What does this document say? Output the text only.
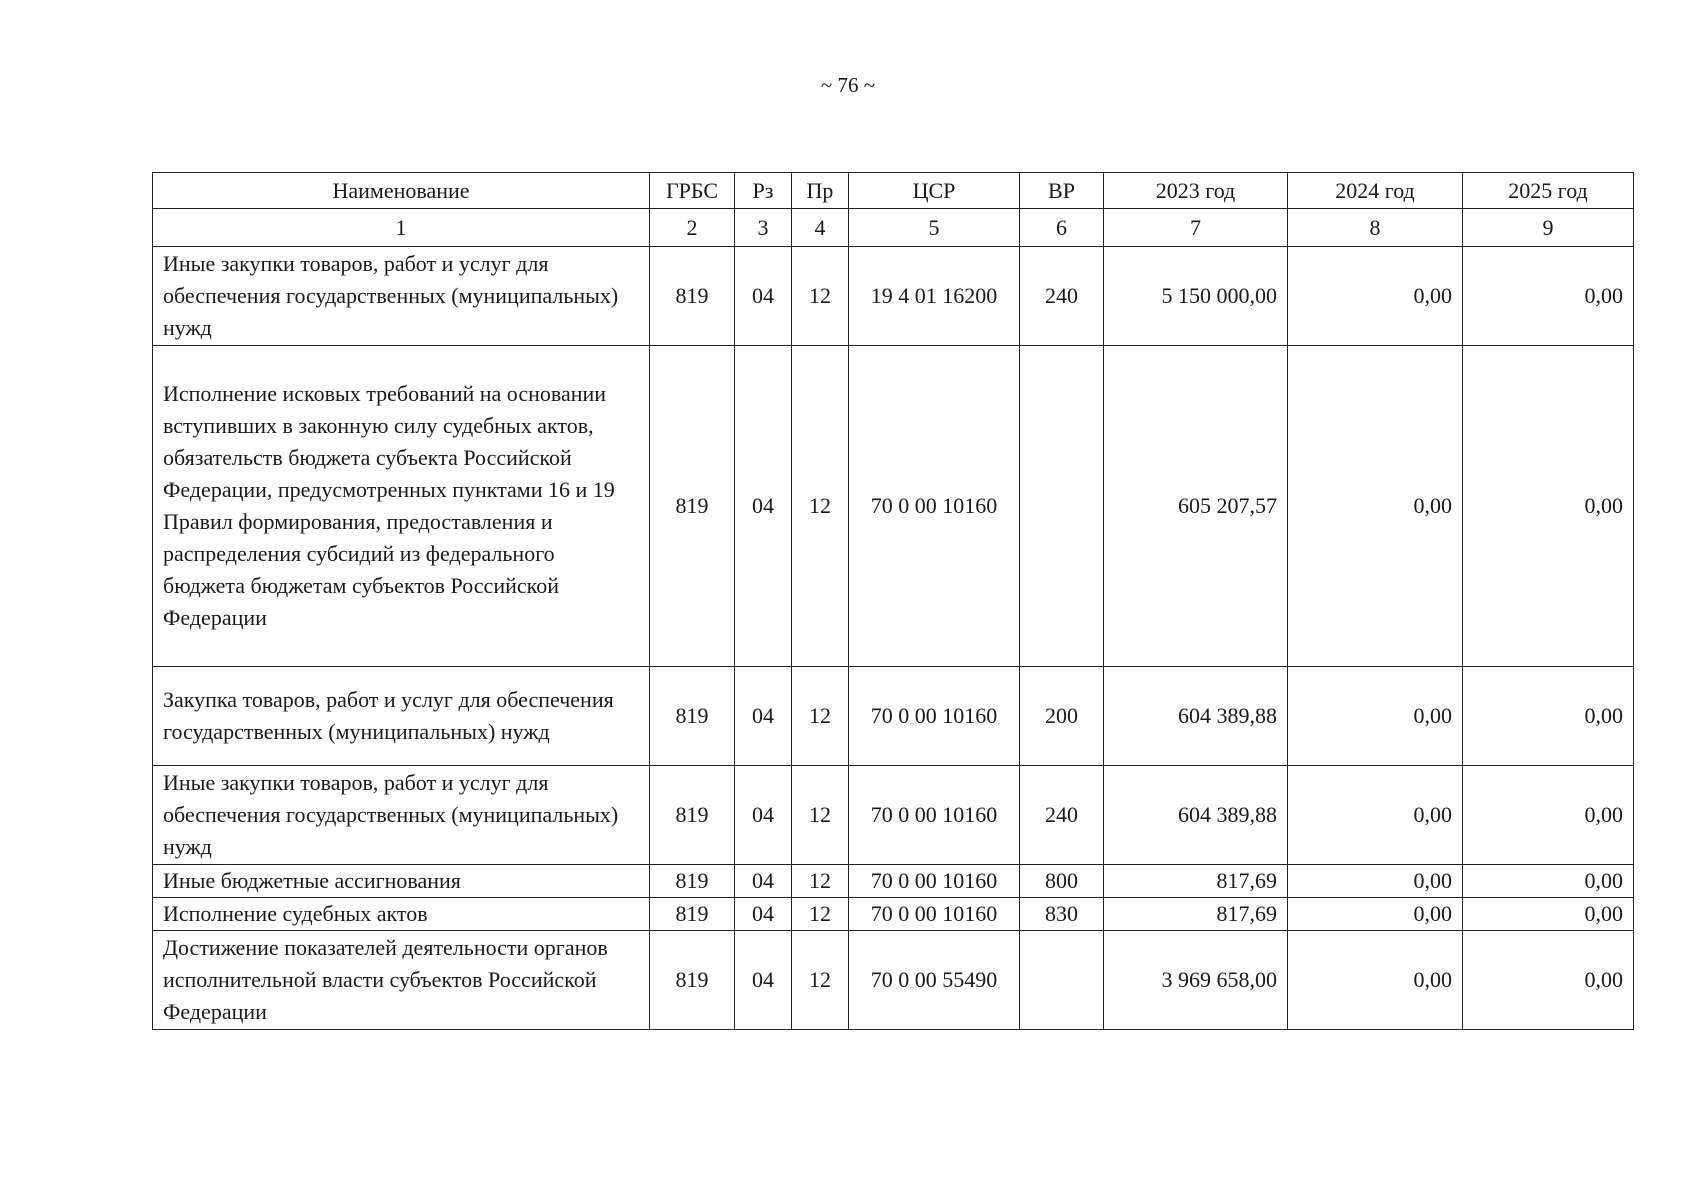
~ 76 ~
Наименование	ГРБС	Рз	Пр	ЦСР	ВР	2023 год	2024 год	2025 год
1	2	3	4	5	6	7	8	9
Иные закупки товаров, работ и услуг для обеспечения государственных (муниципальных) нужд	819	04	12	19 4 01 16200	240	5 150 000,00	0,00	0,00
Исполнение исковых требований на основании вступивших в законную силу судебных актов, обязательств бюджета субъекта Российской Федерации, предусмотренных пунктами 16 и 19 Правил формирования, предоставления и распределения субсидий из федерального бюджета бюджетам субъектов Российской Федерации	819	04	12	70 0 00 10160		605 207,57	0,00	0,00
Закупка товаров, работ и услуг для обеспечения государственных (муниципальных) нужд	819	04	12	70 0 00 10160	200	604 389,88	0,00	0,00
Иные закупки товаров, работ и услуг для обеспечения государственных (муниципальных) нужд	819	04	12	70 0 00 10160	240	604 389,88	0,00	0,00
Иные бюджетные ассигнования	819	04	12	70 0 00 10160	800	817,69	0,00	0,00
Исполнение судебных актов	819	04	12	70 0 00 10160	830	817,69	0,00	0,00
Достижение показателей деятельности органов исполнительной власти субъектов Российской Федерации	819	04	12	70 0 00 55490		3 969 658,00	0,00	0,00
